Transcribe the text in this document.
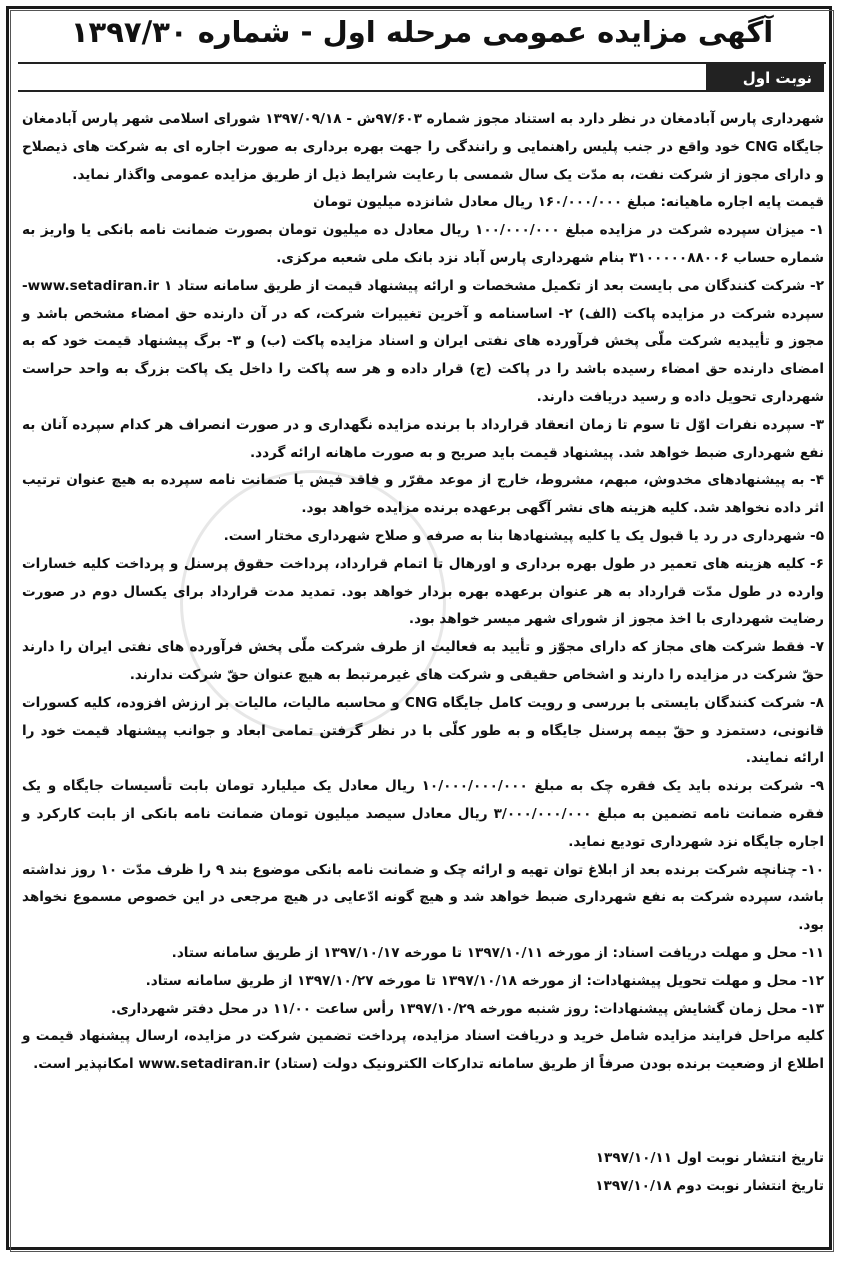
آگهی مزایده عمومی مرحله اول - شماره ۱۳۹۷/۳۰
نوبت اول

شهرداری پارس آبادمغان در نظر دارد به استناد مجوز شماره ۹۷/۶۰۳ش - ۱۳۹۷/۰۹/۱۸ شورای اسلامی شهر پارس آبادمغان جایگاه CNG خود واقع در جنب پلیس راهنمایی و رانندگی را جهت بهره برداری به صورت اجاره ای به شرکت های ذیصلاح و دارای مجوز از شرکت نفت، به مدّت یک سال شمسی با رعایت شرایط ذیل از طریق مزایده عمومی واگذار نماید.

قیمت پایه اجاره ماهیانه: مبلغ ۱۶۰/۰۰۰/۰۰۰ ریال معادل شانزده میلیون تومان

۱- میزان سپرده شرکت در مزایده مبلغ ۱۰۰/۰۰۰/۰۰۰ ریال معادل ده میلیون تومان بصورت ضمانت نامه بانکی یا واریز به شماره حساب ۳۱۰۰۰۰۰۸۸۰۰۶ بنام شهرداری پارس آباد نزد بانک ملی شعبه مرکزی.

۲- شرکت کنندگان می بایست بعد از تکمیل مشخصات و ارائه پیشنهاد قیمت از طریق سامانه ستاد www.setadiran.ir ۱- سپرده شرکت در مزایده پاکت (الف) ۲- اساسنامه و آخرین تغییرات شرکت، که در آن دارنده حق امضاء مشخص باشد و مجوز و تأییدیه شرکت ملّی پخش فرآورده های نفتی ایران و اسناد مزایده پاکت (ب) و ۳- برگ پیشنهاد قیمت خود که به امضای دارنده حق امضاء رسیده باشد را در پاکت (ج) قرار داده و هر سه پاکت را داخل یک پاکت بزرگ به واحد حراست شهرداری تحویل داده و رسید دریافت دارند.

۳- سپرده نفرات اوّل تا سوم تا زمان انعقاد قرارداد با برنده مزایده نگهداری و در صورت انصراف هر کدام سپرده آنان به نفع شهرداری ضبط خواهد شد. پیشنهاد قیمت باید صریح و به صورت ماهانه ارائه گردد.

۴- به پیشنهادهای مخدوش، مبهم، مشروط، خارج از موعد مقرّر و فاقد فیش یا ضمانت نامه سپرده به هیچ عنوان ترتیب اثر داده نخواهد شد. کلیه هزینه های نشر آگهی برعهده برنده مزایده خواهد بود.

۵- شهرداری در رد یا قبول یک یا کلیه پیشنهادها بنا به صرفه و صلاح شهرداری مختار است.

۶- کلیه هزینه های تعمیر در طول بهره برداری و اورهال تا اتمام قرارداد، پرداخت حقوق پرسنل و پرداخت کلیه خسارات وارده در طول مدّت قرارداد به هر عنوان برعهده بهره بردار خواهد بود. تمدید مدت قرارداد برای یکسال دوم در صورت رضایت شهرداری با اخذ مجوز از شورای شهر میسر خواهد بود.

۷- فقط شرکت های مجاز که دارای مجوّز و تأیید به فعالیت از طرف شرکت ملّی پخش فرآورده های نفتی ایران را دارند حقّ شرکت در مزایده را دارند و اشخاص حقیقی و شرکت های غیرمرتبط به هیچ عنوان حقّ شرکت ندارند.

۸- شرکت کنندگان بایستی با بررسی و رویت کامل جایگاه CNG و محاسبه مالیات، مالیات بر ارزش افزوده، کلیه کسورات قانونی، دستمزد و حقّ بیمه پرسنل جایگاه و به طور کلّی با در نظر گرفتن تمامی ابعاد و جوانب پیشنهاد قیمت خود را ارائه نمایند.

۹- شرکت برنده باید یک فقره چک به مبلغ ۱۰/۰۰۰/۰۰۰/۰۰۰ ریال معادل یک میلیارد تومان بابت تأسیسات جایگاه و یک فقره ضمانت نامه تضمین به مبلغ ۳/۰۰۰/۰۰۰/۰۰۰ ریال معادل سیصد میلیون تومان ضمانت نامه بانکی از بابت کارکرد و اجاره جایگاه نزد شهرداری تودیع نماید.

۱۰- چنانچه شرکت برنده بعد از ابلاغ توان تهیه و ارائه چک و ضمانت نامه بانکی موضوع بند ۹ را ظرف مدّت ۱۰ روز نداشته باشد، سپرده شرکت به نفع شهرداری ضبط خواهد شد و هیچ گونه ادّعایی در هیچ مرجعی در این خصوص مسموع نخواهد بود.

۱۱- محل و مهلت دریافت اسناد: از مورخه ۱۳۹۷/۱۰/۱۱ تا مورخه ۱۳۹۷/۱۰/۱۷ از طریق سامانه ستاد.

۱۲- محل و مهلت تحویل پیشنهادات: از مورخه ۱۳۹۷/۱۰/۱۸ تا مورخه ۱۳۹۷/۱۰/۲۷ از طریق سامانه ستاد.

۱۳- محل زمان گشایش پیشنهادات: روز شنبه مورخه ۱۳۹۷/۱۰/۲۹ رأس ساعت ۱۱/۰۰ در محل دفتر شهرداری.

کلیه مراحل فرایند مزایده شامل خرید و دریافت اسناد مزایده، پرداخت تضمین شرکت در مزایده، ارسال پیشنهاد قیمت و اطلاع از وضعیت برنده بودن صرفاً از طریق سامانه تدارکات الکترونیک دولت (ستاد) www.setadiran.ir امکانپذیر است.

تاریخ انتشار نوبت اول ۱۳۹۷/۱۰/۱۱
تاریخ انتشار نوبت دوم ۱۳۹۷/۱۰/۱۸
